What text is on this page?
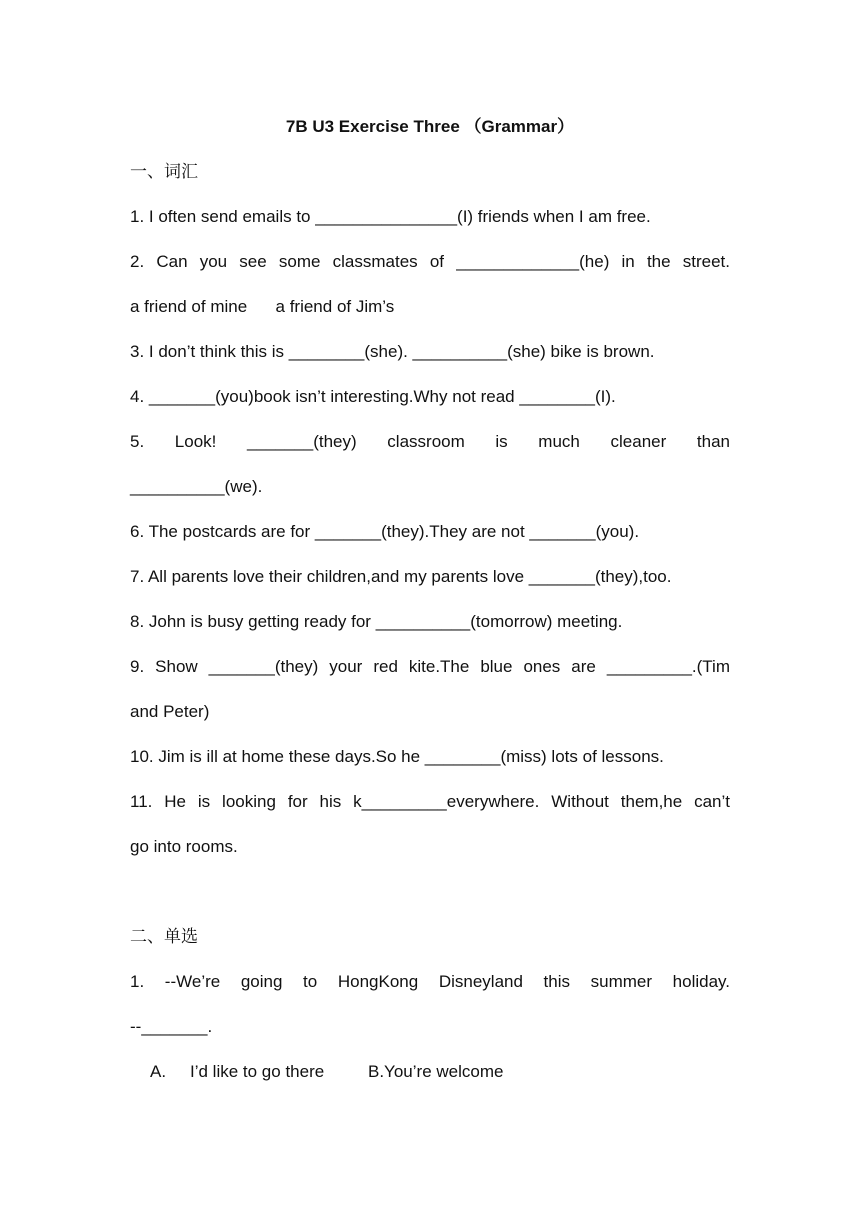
7B U3 Exercise Three （Grammar）
一、词汇
1. I often send emails to _______________(I) friends when I am free.
2. Can you see some classmates of _____________(he) in the street.
a friend of mine      a friend of Jim’s
3. I don’t think this is ________(she). __________(she) bike is brown.
4. _______(you)book isn’t interesting.Why not read ________(I).
5. Look! _______(they) classroom is much cleaner than
__________(we).
6. The postcards are for _______(they).They are not _______(you).
7. All parents love their children,and my parents love _______(they),too.
8. John is busy getting ready for __________(tomorrow) meeting.
9. Show _______(they) your red kite.The blue ones are _________.(Tim
and Peter)
10. Jim is ill at home these days.So he ________(miss) lots of lessons.
11. He is looking for his k_________everywhere. Without them,he can’t
go into rooms.
二、单选
1. --We’re going to HongKong Disneyland this summer holiday.
--_______.
A. I’d like to go there	B.You’re welcome
